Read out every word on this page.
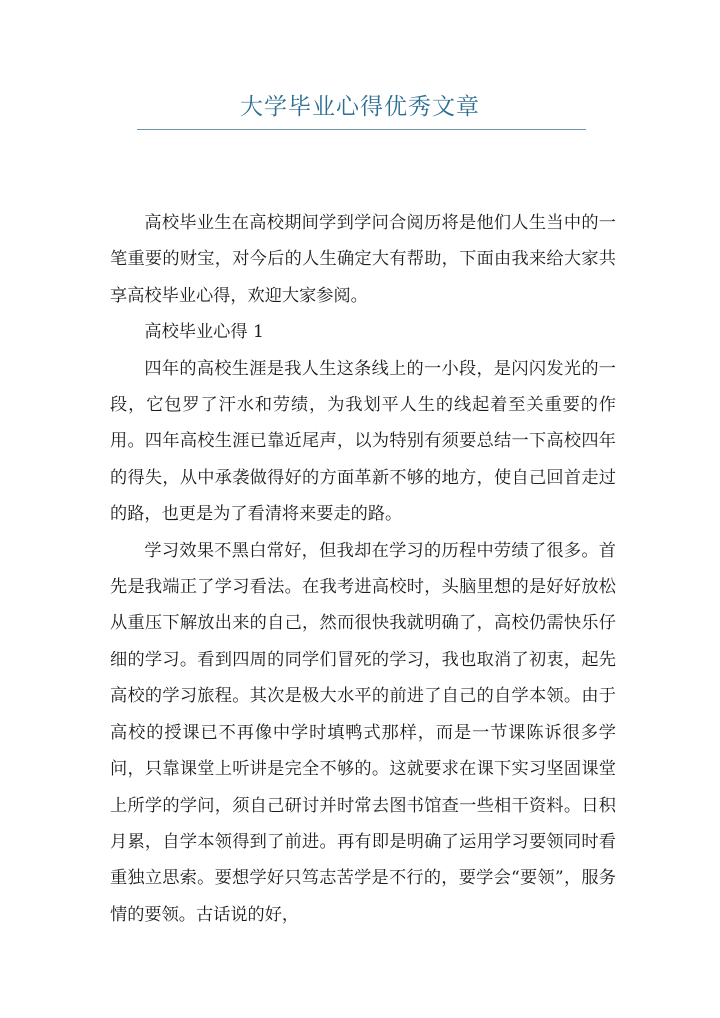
大学毕业心得优秀文章

高校毕业生在高校期间学到学问合阅历将是他们人生当中的一笔重要的财宝，对今后的人生确定大有帮助，下面由我来给大家共享高校毕业心得，欢迎大家参阅。

高校毕业心得 1

四年的高校生涯是我人生这条线上的一小段，是闪闪发光的一段，它包罗了汗水和劳绩，为我划平人生的线起着至关重要的作用。四年高校生涯已靠近尾声，以为特别有须要总结一下高校四年的得失，从中承袭做得好的方面革新不够的地方，使自己回首走过的路，也更是为了看清将来要走的路。

学习效果不黑白常好，但我却在学习的历程中劳绩了很多。首先是我端正了学习看法。在我考进高校时，头脑里想的是好好放松从重压下解放出来的自己，然而很快我就明确了，高校仍需快乐仔细的学习。看到四周的同学们冒死的学习，我也取消了初衷，起先高校的学习旅程。其次是极大水平的前进了自己的自学本领。由于高校的授课已不再像中学时填鸭式那样，而是一节课陈诉很多学问，只靠课堂上听讲是完全不够的。这就要求在课下实习坚固课堂上所学的学问，须自己研讨并时常去图书馆查一些相干资料。日积月累，自学本领得到了前进。再有即是明确了运用学习要领同时看重独立思索。要想学好只笃志苦学是不行的，要学会“要领”，服务情的要领。古话说的好，
